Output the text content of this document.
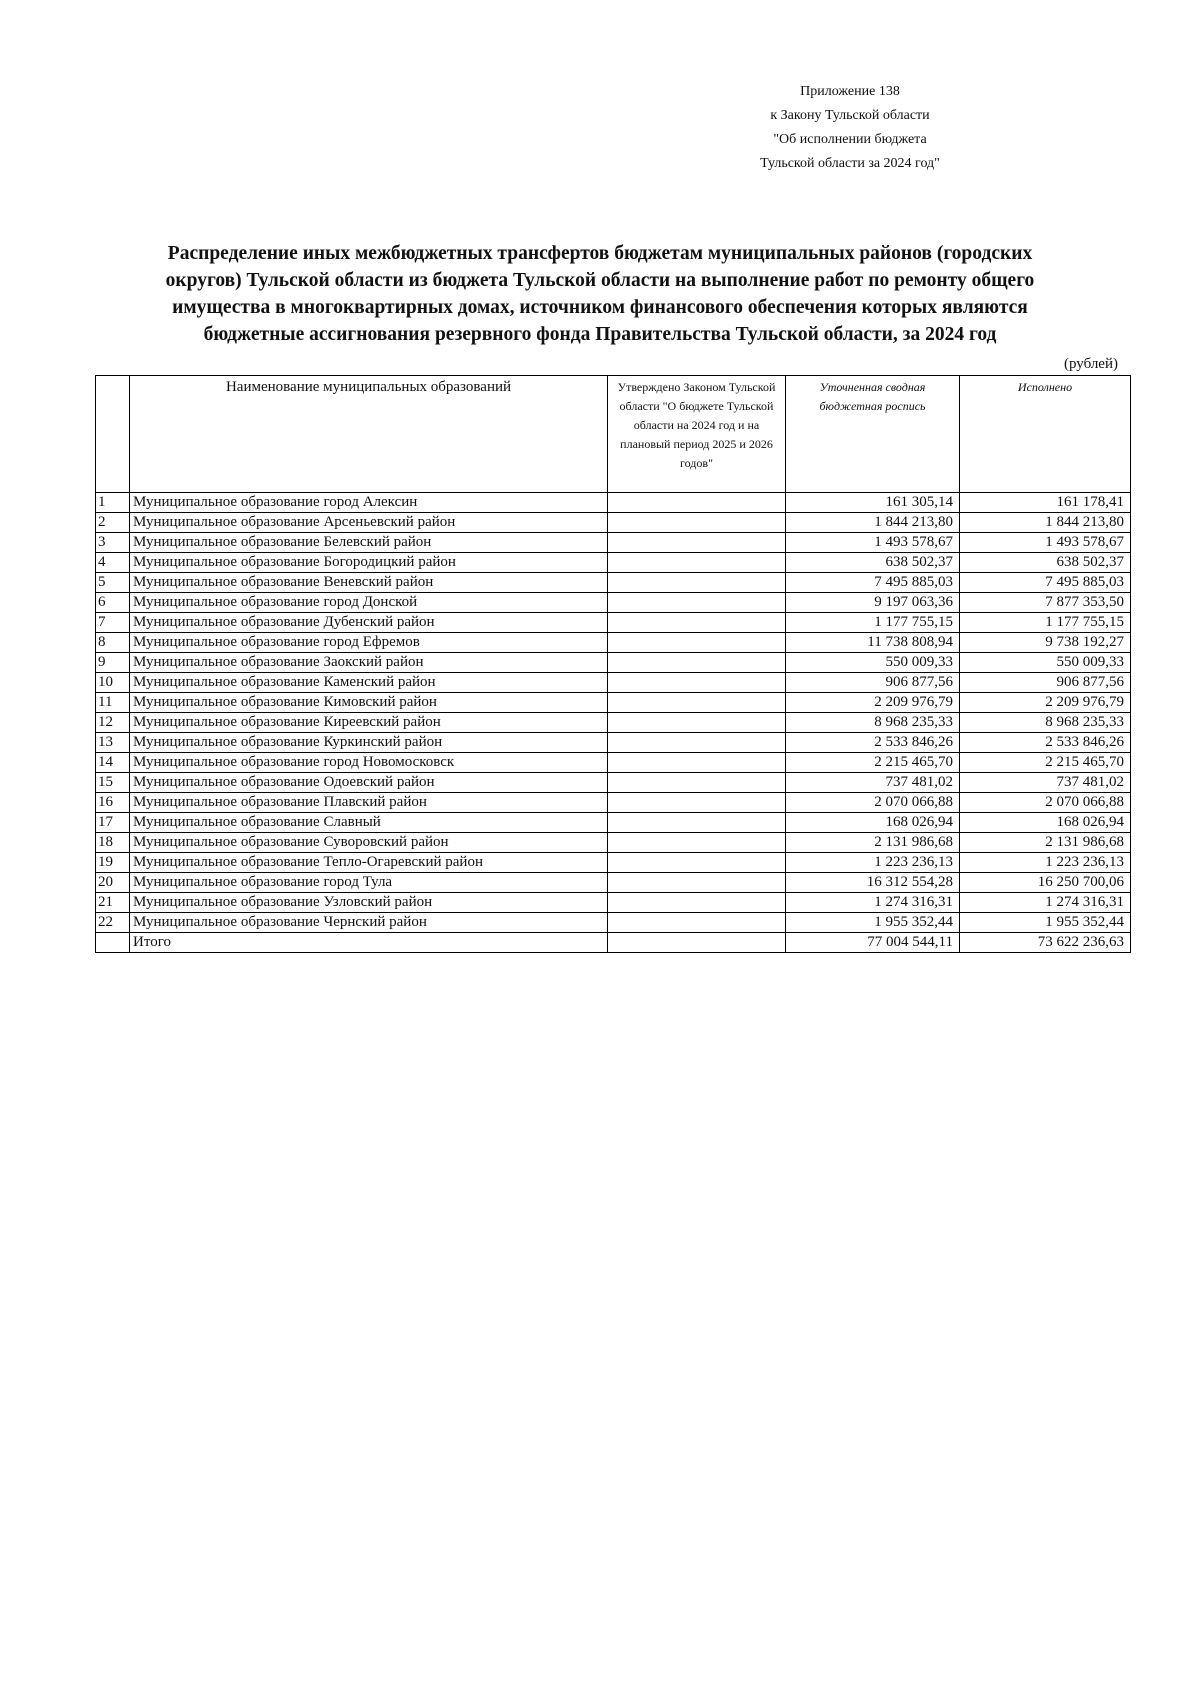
Приложение 138
к Закону Тульской области
"Об исполнении бюджета
Тульской области за 2024 год"
Распределение иных межбюджетных трансфертов бюджетам муниципальных районов (городских
округов) Тульской области из бюджета Тульской области на выполнение работ по ремонту общего
имущества в многоквартирных домах, источником финансового обеспечения которых являются
бюджетные ассигнования резервного фонда Правительства Тульской области, за 2024 год
(рублей)
	Наименование муниципальных образований	Утверждено Законом Тульской области "О бюджете Тульской области на 2024 год и на плановый период 2025 и 2026 годов"	Уточненная сводная бюджетная роспись	Исполнено
1	Муниципальное образование город Алексин		161 305,14	161 178,41
2	Муниципальное образование Арсеньевский район		1 844 213,80	1 844 213,80
3	Муниципальное образование Белевский район		1 493 578,67	1 493 578,67
4	Муниципальное образование Богородицкий район		638 502,37	638 502,37
5	Муниципальное образование Веневский район		7 495 885,03	7 495 885,03
6	Муниципальное образование город Донской		9 197 063,36	7 877 353,50
7	Муниципальное образование Дубенский район		1 177 755,15	1 177 755,15
8	Муниципальное образование город Ефремов		11 738 808,94	9 738 192,27
9	Муниципальное образование Заокский район		550 009,33	550 009,33
10	Муниципальное образование Каменский район		906 877,56	906 877,56
11	Муниципальное образование Кимовский район		2 209 976,79	2 209 976,79
12	Муниципальное образование Киреевский район		8 968 235,33	8 968 235,33
13	Муниципальное образование Куркинский район		2 533 846,26	2 533 846,26
14	Муниципальное образование город Новомосковск		2 215 465,70	2 215 465,70
15	Муниципальное образование Одоевский район		737 481,02	737 481,02
16	Муниципальное образование Плавский район		2 070 066,88	2 070 066,88
17	Муниципальное образование Славный		168 026,94	168 026,94
18	Муниципальное образование Суворовский район		2 131 986,68	2 131 986,68
19	Муниципальное образование Тепло-Огаревский район		1 223 236,13	1 223 236,13
20	Муниципальное образование город Тула		16 312 554,28	16 250 700,06
21	Муниципальное образование Узловский район		1 274 316,31	1 274 316,31
22	Муниципальное образование Чернский район		1 955 352,44	1 955 352,44
	Итого		77 004 544,11	73 622 236,63
